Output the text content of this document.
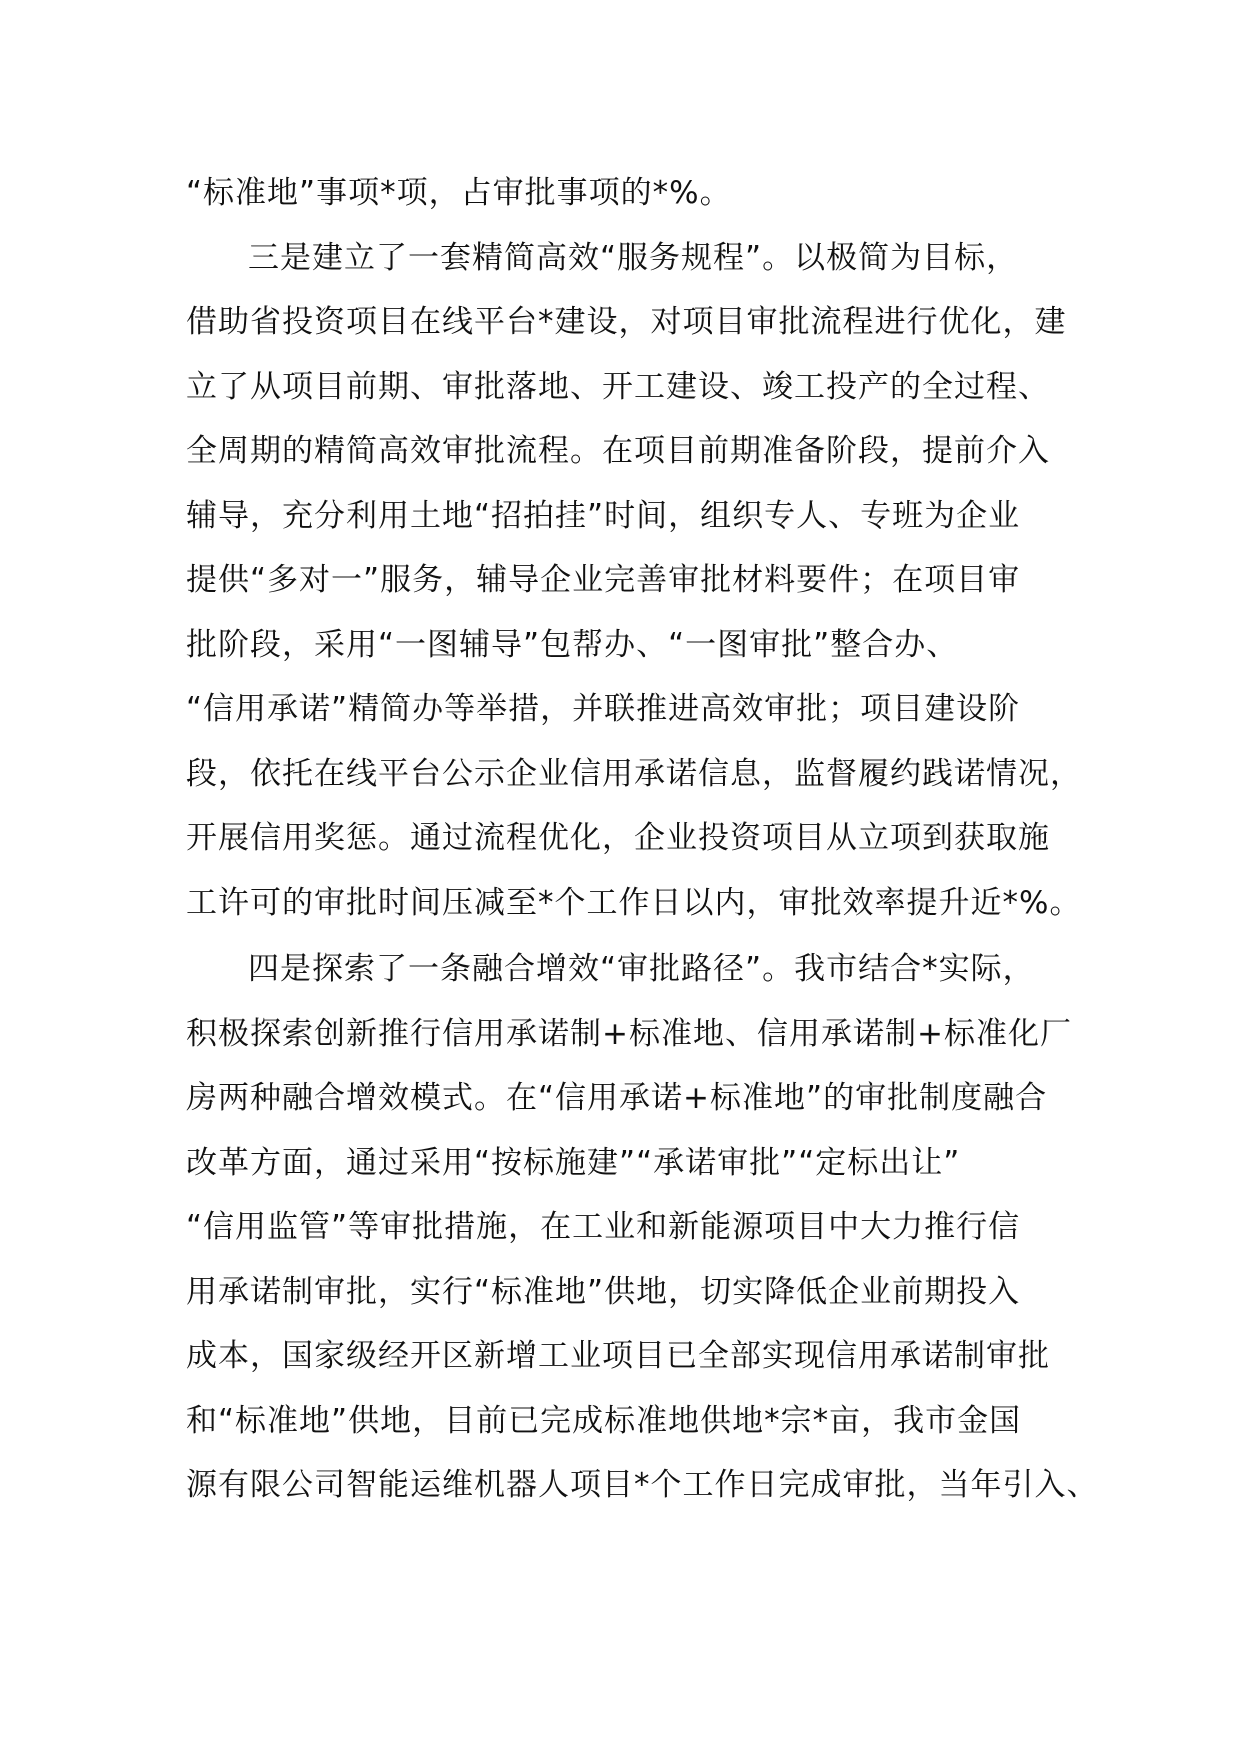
“标准地”事项*项，占审批事项的*%。
三是建立了一套精简高效“服务规程”。以极简为目标，
借助省投资项目在线平台*建设，对项目审批流程进行优化，建
立了从项目前期、审批落地、开工建设、竣工投产的全过程、
全周期的精简高效审批流程。在项目前期准备阶段，提前介入
辅导，充分利用土地“招拍挂”时间，组织专人、专班为企业
提供“多对一”服务，辅导企业完善审批材料要件；在项目审
批阶段，采用“一图辅导”包帮办、“一图审批”整合办、
“信用承诺”精简办等举措，并联推进高效审批；项目建设阶
段，依托在线平台公示企业信用承诺信息，监督履约践诺情况，
开展信用奖惩。通过流程优化，企业投资项目从立项到获取施
工许可的审批时间压减至*个工作日以内，审批效率提升近*%。
四是探索了一条融合增效“审批路径”。我市结合*实际，
积极探索创新推行信用承诺制+标准地、信用承诺制+标准化厂
房两种融合增效模式。在“信用承诺+标准地”的审批制度融合
改革方面，通过采用“按标施建”“承诺审批”“定标出让”
“信用监管”等审批措施，在工业和新能源项目中大力推行信
用承诺制审批，实行“标准地”供地，切实降低企业前期投入
成本，国家级经开区新增工业项目已全部实现信用承诺制审批
和“标准地”供地，目前已完成标准地供地*宗*亩，我市金国
源有限公司智能运维机器人项目*个工作日完成审批，当年引入、
